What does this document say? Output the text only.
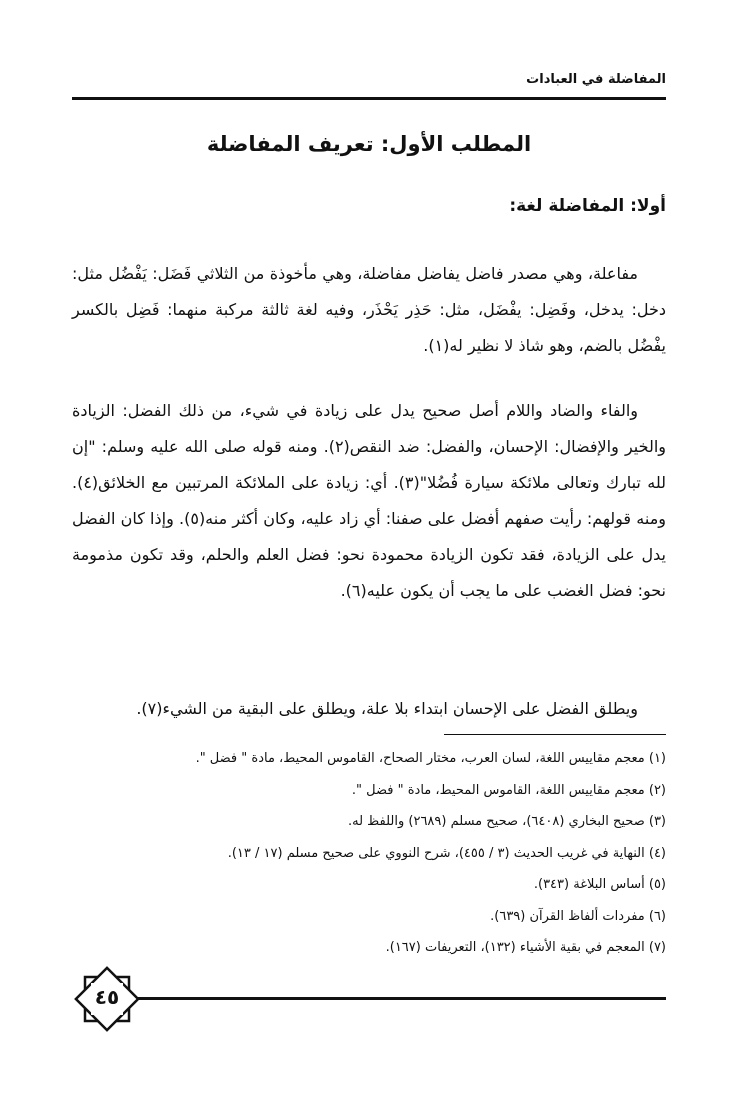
المفاضلة في العبادات
المطلب الأول: تعريف المفاضلة
أولا: المفاضلة لغة:

مفاعلة، وهي مصدر فاضل يفاضل مفاضلة، وهي مأخوذة من الثلاثي فَضَل: يَفْضُل مثل: دخل: يدخل، وفَضِل: يفْضَل، مثل: حَذِر يَحْذَر، وفيه لغة ثالثة مركبة منهما: فَضِل بالكسر يفْضُل بالضم، وهو شاذ لا نظير له(١).

والفاء والضاد واللام أصل صحيح يدل على زيادة في شيء، من ذلك الفضل: الزيادة والخير والإفضال: الإحسان، والفضل: ضد النقص(٢). ومنه قوله صلى الله عليه وسلم: "إن لله تبارك وتعالى ملائكة سيارة فُضُلا"(٣). أي: زيادة على الملائكة المرتبين مع الخلائق(٤). ومنه قولهم: رأيت صفهم أفضل على صفنا: أي زاد عليه، وكان أكثر منه(٥). وإذا كان الفضل يدل على الزيادة، فقد تكون الزيادة محمودة نحو: فضل العلم والحلم، وقد تكون مذمومة نحو: فضل الغضب على ما يجب أن يكون عليه(٦).

ويطلق الفضل على الإحسان ابتداء بلا علة، ويطلق على البقية من الشيء(٧).

(١) معجم مقاييس اللغة، لسان العرب، مختار الصحاح، القاموس المحيط، مادة " فضل ".
(٢) معجم مقاييس اللغة، القاموس المحيط، مادة " فضل ".
(٣) صحيح البخاري (٦٤٠٨)، صحيح مسلم (٢٦٨٩) واللفظ له.
(٤) النهاية في غريب الحديث (٣ / ٤٥٥)، شرح النووي على صحيح مسلم (١٧ / ١٣).
(٥) أساس البلاغة (٣٤٣).
(٦) مفردات ألفاظ القرآن (٦٣٩).
(٧) المعجم في بقية الأشياء (١٣٢)، التعريفات (١٦٧).
٤٥
